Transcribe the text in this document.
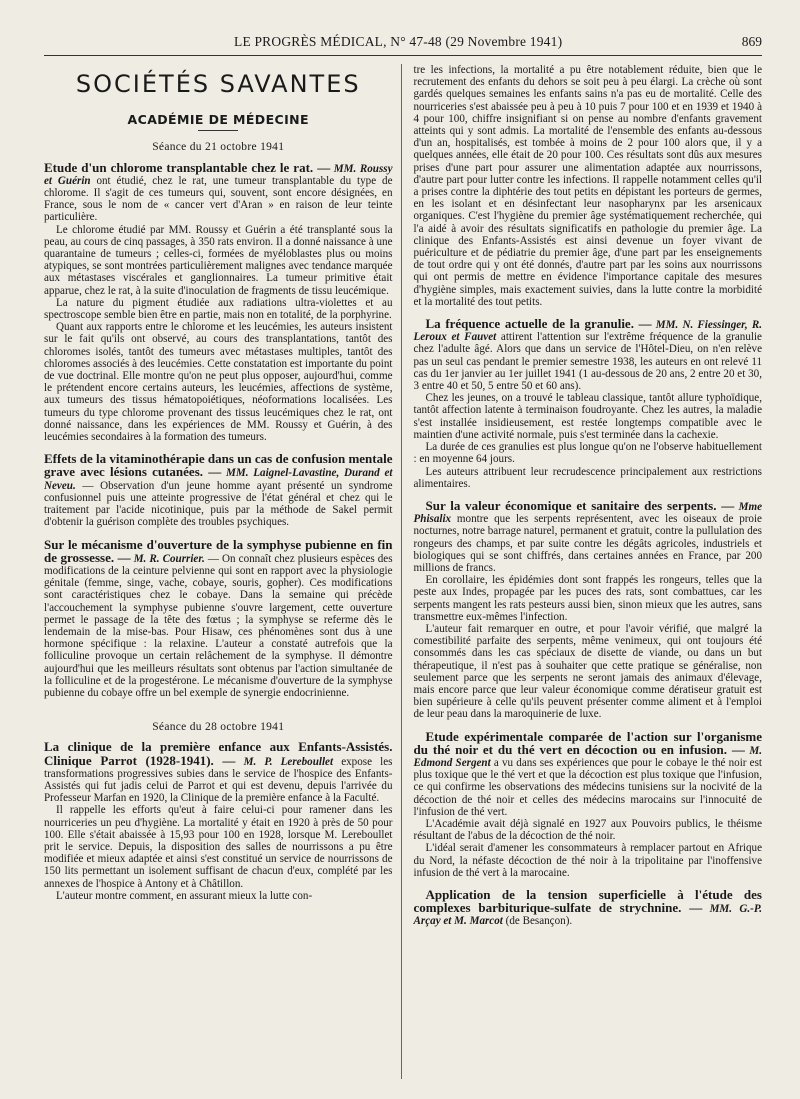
LE PROGRÈS MÉDICAL, N° 47-48 (29 Novembre 1941)	869
SOCIÉTÉS SAVANTES
ACADÉMIE DE MÉDECINE
Séance du 21 octobre 1941

Etude d'un chlorome transplantable chez le rat. — MM. Roussy et Guérin ont étudié, chez le rat, une tumeur transplantable du type de chlorome. Il s'agit de ces tumeurs qui, souvent, sont encore désignées, en France, sous le nom de « cancer vert d'Aran » en raison de leur teinte particulière.

Le chlorome étudié par MM. Roussy et Guérin a été transplanté sous la peau, au cours de cinq passages, à 350 rats environ. Il a donné naissance à une quarantaine de tumeurs ; celles-ci, formées de myéloblastes plus ou moins atypiques, se sont montrées particulièrement malignes avec tendance marquée aux métastases viscérales et ganglionnaires. La tumeur primitive était apparue, chez le rat, à la suite d'inoculation de fragments de tissu leucémique.

La nature du pigment étudiée aux radiations ultra-violettes et au spectroscope semble bien être en partie, mais non en totalité, de la porphyrine.

Quant aux rapports entre le chlorome et les leucémies, les auteurs insistent sur le fait qu'ils ont observé, au cours des transplantations, tantôt des chloromes isolés, tantôt des tumeurs avec métastases multiples, tantôt des chloromes associés à des leucémies. Cette constatation est importante du point de vue doctrinal. Elle montre qu'on ne peut plus opposer, aujourd'hui, comme le prétendent encore certains auteurs, les leucémies, affections de système, aux tumeurs des tissus hématopoiétiques, néoformations localisées. Les tumeurs du type chlorome provenant des tissus leucémiques chez le rat, ont donné naissance, dans les expériences de MM. Roussy et Guérin, à des leucémies secondaires à la formation des tumeurs.

Effets de la vitaminothérapie dans un cas de confusion mentale grave avec lésions cutanées. — MM. Laignel-Lavastine, Durand et Neveu. — Observation d'un jeune homme ayant présenté un syndrome confusionnel puis une atteinte progressive de l'état général et chez qui le traitement par l'acide nicotinique, puis par la méthode de Sakel permit d'obtenir la guérison complète des troubles psychiques.

Sur le mécanisme d'ouverture de la symphyse pubienne en fin de grossesse. — M. R. Courrier. — On connaît chez plusieurs espèces des modifications de la ceinture pelvienne qui sont en rapport avec la physiologie génitale (femme, singe, vache, cobaye, souris, gopher). Ces modifications sont caractéristiques chez le cobaye. Dans la semaine qui précède l'accouchement la symphyse pubienne s'ouvre largement, cette ouverture permet le passage de la tête des fœtus ; la symphyse se referme dès le lendemain de la mise-bas. Pour Hisaw, ces phénomènes sont dus à une hormone spécifique : la relaxine. L'auteur a constaté autrefois que la folliculine provoque un certain relâchement de la symphyse. Il démontre aujourd'hui que les meilleurs résultats sont obtenus par l'action simultanée de la folliculine et de la progestérone. Le mécanisme d'ouverture de la symphyse pubienne du cobaye offre un bel exemple de synergie endocrinienne.

Séance du 28 octobre 1941

La clinique de la première enfance aux Enfants-Assistés. Clinique Parrot (1928-1941). — M. P. Lereboullet expose les transformations progressives subies dans le service de l'hospice des Enfants-Assistés qui fut jadis celui de Parrot et qui est devenu, depuis l'arrivée du Professeur Marfan en 1920, la Clinique de la première enfance à la Faculté.

Il rappelle les efforts qu'eut à faire celui-ci pour ramener dans les nourriceries un peu d'hygiène. La mortalité y était en 1920 à près de 50 pour 100. Elle s'était abaissée à 15,93 pour 100 en 1928, lorsque M. Lereboullet prit le service. Depuis, la disposition des salles de nourrissons a pu être modifiée et mieux adaptée et ainsi s'est constitué un service de nourrissons de 150 lits permettant un isolement suffisant de chacun d'eux, complété par les annexes de l'hospice à Antony et à Châtillon.

L'auteur montre comment, en assurant mieux la lutte con-

tre les infections, la mortalité a pu être notablement réduite, bien que le recrutement des enfants du dehors se soit peu à peu élargi. La crèche où sont gardés quelques semaines les enfants sains n'a pas eu de mortalité. Celle des nourriceries s'est abaissée peu à peu à 10 puis 7 pour 100 et en 1939 et 1940 à 4 pour 100, chiffre insignifiant si on pense au nombre d'enfants gravement atteints qui y sont admis. La mortalité de l'ensemble des enfants au-dessous d'un an, hospitalisés, est tombée à moins de 2 pour 100 alors que, il y a quelques années, elle était de 20 pour 100. Ces résultats sont dûs aux mesures prises d'une part pour assurer une alimentation adaptée aux nourrissons, d'autre part pour lutter contre les infections. Il rappelle notamment celles qu'il a prises contre la diphtérie des tout petits en dépistant les porteurs de germes, en les isolant et en désinfectant leur nasopharynx par les arsenicaux organiques. C'est l'hygiène du premier âge systématiquement recherchée, qui l'a aidé à avoir des résultats significatifs en pathologie du premier âge. La clinique des Enfants-Assistés est ainsi devenue un foyer vivant de puériculture et de pédiatrie du premier âge, d'une part par les enseignements de tout ordre qui y ont été donnés, d'autre part par les soins aux nourrissons qui ont permis de mettre en évidence l'importance capitale des mesures d'hygiène simples, mais exactement suivies, dans la lutte contre la morbidité et la mortalité des tout petits.

La fréquence actuelle de la granulie. — MM. N. Fiessinger, R. Leroux et Fauvet attirent l'attention sur l'extrême fréquence de la granulie chez l'adulte âgé. Alors que dans un service de l'Hôtel-Dieu, on n'en relève pas un seul cas pendant le premier semestre 1938, les auteurs en ont relevé 11 cas du 1er janvier au 1er juillet 1941 (1 au-dessous de 20 ans, 2 entre 20 et 30, 3 entre 40 et 50, 5 entre 50 et 60 ans).

Chez les jeunes, on a trouvé le tableau classique, tantôt allure typhoïdique, tantôt affection latente à terminaison foudroyante. Chez les autres, la maladie s'est installée insidieusement, est restée longtemps compatible avec le maintien d'une activité normale, puis s'est terminée dans la cachexie.

La durée de ces granulies est plus longue qu'on ne l'observe habituellement : en moyenne 64 jours.

Les auteurs attribuent leur recrudescence principalement aux restrictions alimentaires.

Sur la valeur économique et sanitaire des serpents. — Mme Phisalix montre que les serpents représentent, avec les oiseaux de proie nocturnes, notre barrage naturel, permanent et gratuit, contre la pullulation des rongeurs des champs, et par suite contre les dégâts agricoles, industriels et biologiques qui se sont chiffrés, dans certaines années en France, par 200 millions de francs.

En corollaire, les épidémies dont sont frappés les rongeurs, telles que la peste aux Indes, propagée par les puces des rats, sont combattues, car les serpents mangent les rats pesteurs aussi bien, sinon mieux que les autres, sans transmettre eux-mêmes l'infection.

L'auteur fait remarquer en outre, et pour l'avoir vérifié, que malgré la comestibilité parfaite des serpents, même venimeux, qui ont toujours été consommés dans les cas spéciaux de disette de viande, ou dans un but thérapeutique, il n'est pas à souhaiter que cette pratique se généralise, non seulement parce que les serpents ne seront jamais des animaux d'élevage, mais encore parce que leur valeur économique comme dératiseur gratuit est bien supérieure à celle qu'ils peuvent présenter comme aliment et à l'emploi de leur peau dans la maroquinerie de luxe.

Etude expérimentale comparée de l'action sur l'organisme du thé noir et du thé vert en décoction ou en infusion. — M. Edmond Sergent a vu dans ses expériences que pour le cobaye le thé noir est plus toxique que le thé vert et que la décoction est plus toxique que l'infusion, ce qui confirme les observations des médecins tunisiens sur la nocivité de la décoction de thé noir et celles des médecins marocains sur l'innocuité de l'infusion de thé vert.

L'Académie avait déjà signalé en 1927 aux Pouvoirs publics, le théisme résultant de l'abus de la décoction de thé noir.

L'idéal serait d'amener les consommateurs à remplacer partout en Afrique du Nord, la néfaste décoction de thé noir à la tripolitaine par l'inoffensive infusion de thé vert à la marocaine.

Application de la tension superficielle à l'étude des complexes barbiturique-sulfate de strychnine. — MM. G.-P. Arçay et M. Marcot (de Besançon).
